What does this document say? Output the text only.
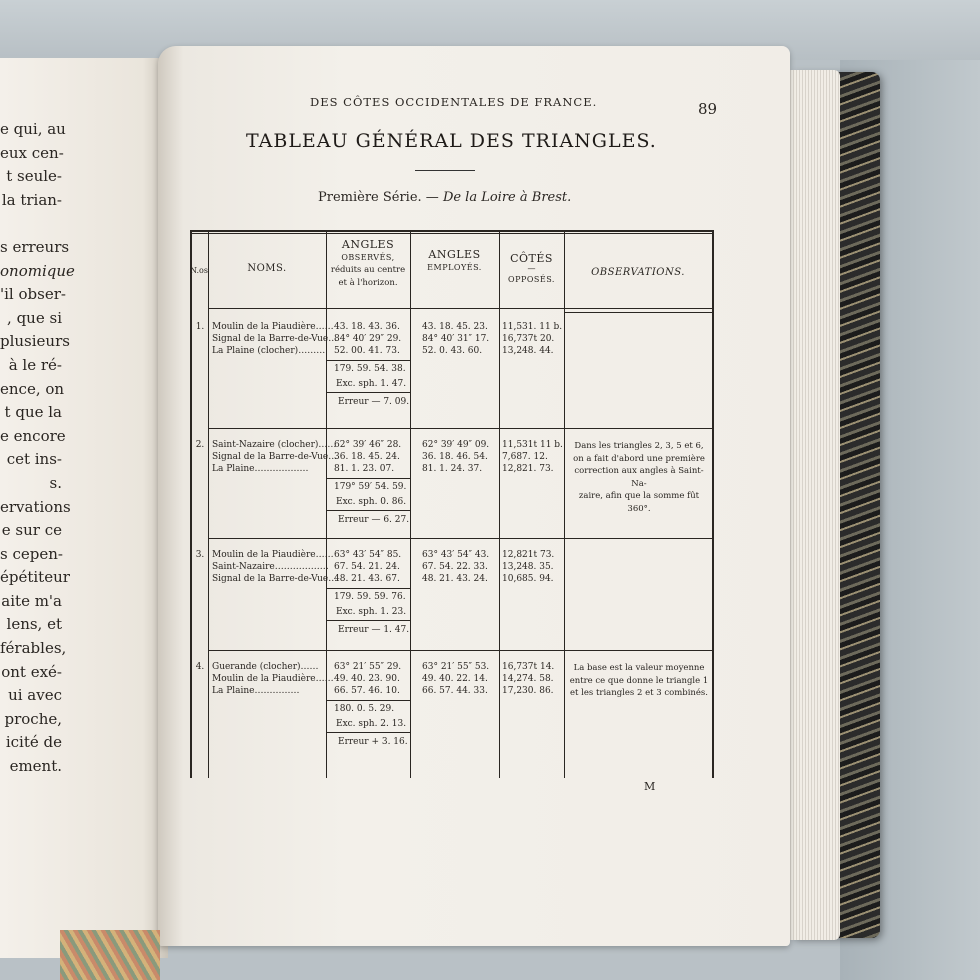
e qui, au
eux cen-
t seule-
la trian-
s erreurs
onomique
'il obser-
, que si
plusieurs
à le ré-
ence, on
t que la
e encore
cet ins-
s.
ervations
e sur ce
s cepen-
épétiteur
aite m'a
lens, et
férables,
ont exé-
ui avec
proche,
icité de
ement.
DES CÔTES OCCIDENTALES DE FRANCE.	89
TABLEAU GÉNÉRAL DES TRIANGLES.
Première Série. — De la Loire à Brest.
N.os	NOMS.
ANGLES
OBSERVÉS,
réduits au centre
et à l'horizon.
ANGLES
EMPLOYÉS.
CÔTÉS
—
OPPOSÉS.
OBSERVATIONS.
1. Moulin de la Piaudière……
Signal de la Barre-de-Vue…
La Plaine (clocher)………
43. 18. 43. 36.
84° 40′ 29″ 29.
52. 00. 41. 73.
179. 59. 54. 38.
Exc. sph. 1. 47.
Erreur — 7. 09.
43. 18. 45. 23.
84° 40′ 31″ 17.
52. 0. 43. 60.
11,531. 11 b.
16,737t 20.
13,248. 44.
2. Saint-Nazaire (clocher)……
Signal de la Barre-de-Vue…
La Plaine………………
62° 39′ 46″ 28.
36. 18. 45. 24.
81. 1. 23. 07.
179° 59′ 54. 59.
Exc. sph. 0. 86.
Erreur — 6. 27.
62° 39′ 49″ 09.
36. 18. 46. 54.
81. 1. 24. 37.
11,531t 11 b.
7,687. 12.
12,821. 73.
Dans les triangles 2, 3, 5 et 6,
on a fait d'abord une première
correction aux angles à Saint-Na-
zaire, afin que la somme fût 360°.
3. Moulin de la Piaudière……
Saint-Nazaire………………
Signal de la Barre-de-Vue…
63° 43′ 54″ 85.
67. 54. 21. 24.
48. 21. 43. 67.
179. 59. 59. 76.
Exc. sph. 1. 23.
Erreur — 1. 47.
63° 43′ 54″ 43.
67. 54. 22. 33.
48. 21. 43. 24.
12,821t 73.
13,248. 35.
10,685. 94.
4. Guerande (clocher)……
Moulin de la Piaudière……
La Plaine……………
63° 21′ 55″ 29.
49. 40. 23. 90.
66. 57. 46. 10.
180. 0. 5. 29.
Exc. sph. 2. 13.
Erreur + 3. 16.
63° 21′ 55″ 53.
49. 40. 22. 14.
66. 57. 44. 33.
16,737t 14.
14,274. 58.
17,230. 86.
La base est la valeur moyenne
entre ce que donne le triangle 1
et les triangles 2 et 3 combinés.
M
